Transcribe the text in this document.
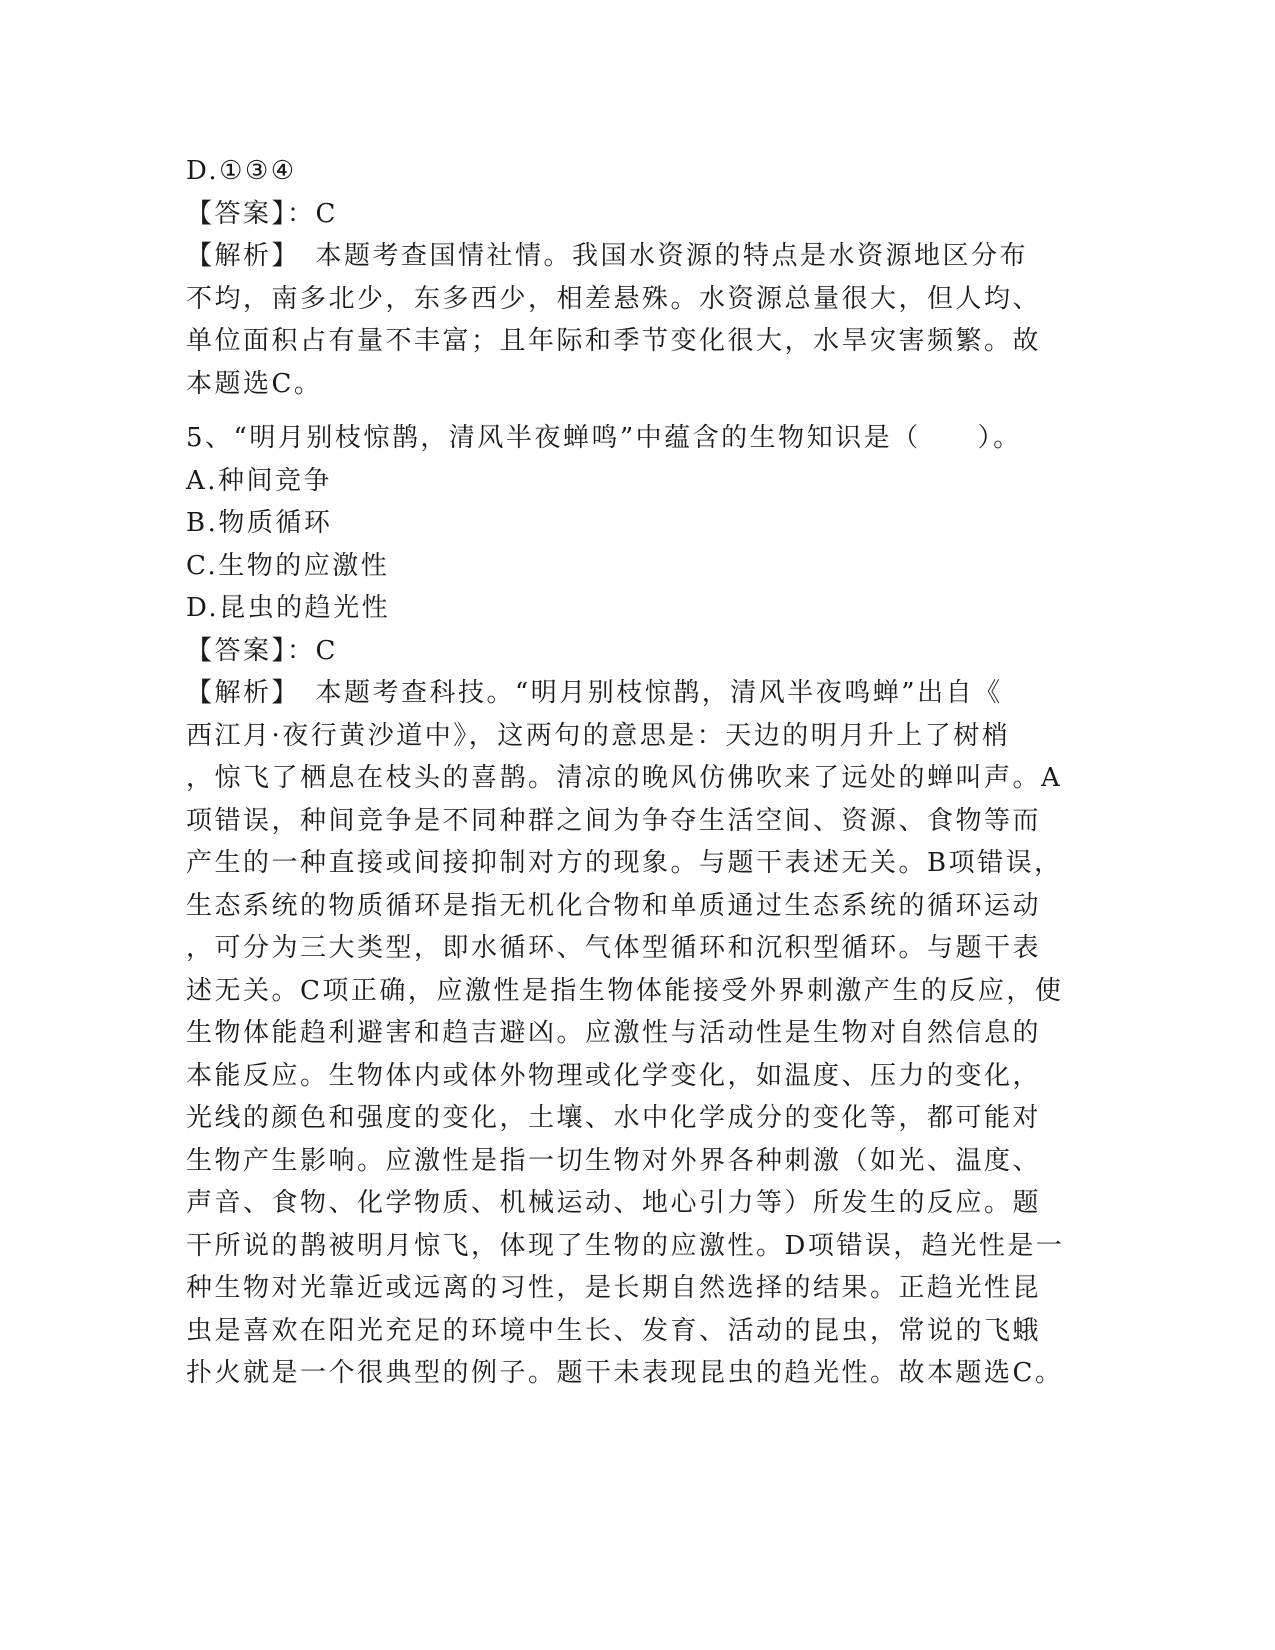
D.①③④
【答案】：C
【解析】　本题考查国情社情。我国水资源的特点是水资源地区分布
不均，南多北少，东多西少，相差悬殊。水资源总量很大，但人均、
单位面积占有量不丰富；且年际和季节变化很大，水旱灾害频繁。故
本题选C。
5、“明月别枝惊鹊，清风半夜蝉鸣”中蕴含的生物知识是（　　）。
A.种间竞争
B.物质循环
C.生物的应激性
D.昆虫的趋光性
【答案】：C
【解析】　本题考查科技。“明月别枝惊鹊，清风半夜鸣蝉”出自《
西江月·夜行黄沙道中》，这两句的意思是：天边的明月升上了树梢
，惊飞了栖息在枝头的喜鹊。清凉的晚风仿佛吹来了远处的蝉叫声。A
项错误，种间竞争是不同种群之间为争夺生活空间、资源、食物等而
产生的一种直接或间接抑制对方的现象。与题干表述无关。B项错误，
生态系统的物质循环是指无机化合物和单质通过生态系统的循环运动
，可分为三大类型，即水循环、气体型循环和沉积型循环。与题干表
述无关。C项正确，应激性是指生物体能接受外界刺激产生的反应，使
生物体能趋利避害和趋吉避凶。应激性与活动性是生物对自然信息的
本能反应。生物体内或体外物理或化学变化，如温度、压力的变化，
光线的颜色和强度的变化，土壤、水中化学成分的变化等，都可能对
生物产生影响。应激性是指一切生物对外界各种刺激（如光、温度、
声音、食物、化学物质、机械运动、地心引力等）所发生的反应。题
干所说的鹊被明月惊飞，体现了生物的应激性。D项错误，趋光性是一
种生物对光靠近或远离的习性，是长期自然选择的结果。正趋光性昆
虫是喜欢在阳光充足的环境中生长、发育、活动的昆虫，常说的飞蛾
扑火就是一个很典型的例子。题干未表现昆虫的趋光性。故本题选C。
